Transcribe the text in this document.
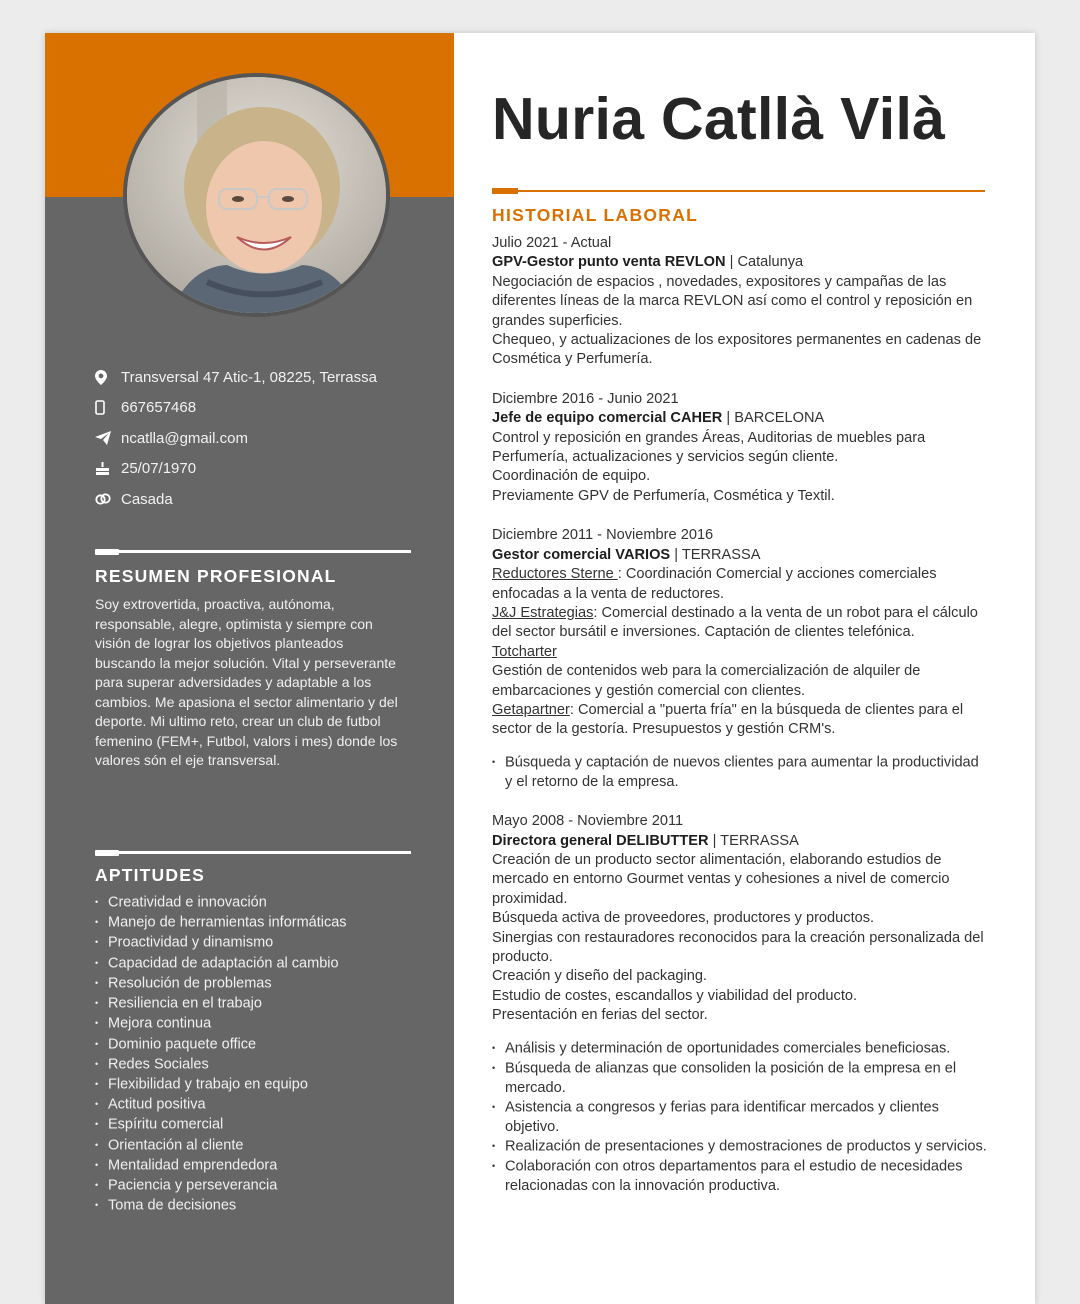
Transversal 47 Atic-1, 08225, Terrassa
667657468
ncatlla@gmail.com
25/07/1970
Casada
RESUMEN PROFESIONAL
Soy extrovertida, proactiva, autónoma, responsable, alegre, optimista y siempre con visión de lograr los objetivos planteados buscando la mejor solución. Vital y perseverante para superar adversidades y adaptable a los cambios. Me apasiona el sector alimentario y del deporte. Mi ultimo reto, crear un club de futbol femenino (FEM+, Futbol, valors i mes) donde los valores són el eje transversal.
APTITUDES
• Creatividad e innovación
• Manejo de herramientas informáticas
• Proactividad y dinamismo
• Capacidad de adaptación al cambio
• Resolución de problemas
• Resiliencia en el trabajo
• Mejora continua
• Dominio paquete office
• Redes Sociales
• Flexibilidad y trabajo en equipo
• Actitud positiva
• Espíritu comercial
• Orientación al cliente
• Mentalidad emprendedora
• Paciencia y perseverancia
• Toma de decisiones
Nuria Catllà Vilà
HISTORIAL LABORAL
Julio 2021 - Actual
GPV-Gestor punto venta REVLON | Catalunya
Negociación de espacios , novedades, expositores y campañas de las diferentes líneas de la marca REVLON así como el control y reposición en grandes superficies.
Chequeo, y actualizaciones de los expositores permanentes en cadenas de Cosmética y Perfumería.
Diciembre 2016 - Junio 2021
Jefe de equipo comercial CAHER | BARCELONA
Control y reposición en grandes Áreas, Auditorias de muebles para Perfumería, actualizaciones y servicios según cliente.
Coordinación de equipo.
Previamente GPV de Perfumería, Cosmética y Textil.
Diciembre 2011 - Noviembre 2016
Gestor comercial VARIOS | TERRASSA
Reductores Sterne : Coordinación Comercial y acciones comerciales enfocadas a la venta de reductores.
J&J Estrategias: Comercial destinado a la venta de un robot para el cálculo del sector bursátil e inversiones. Captación de clientes telefónica.
Totcharter
Gestión de contenidos web para la comercialización de alquiler de embarcaciones y gestión comercial con clientes.
Getapartner: Comercial a "puerta fría" en la búsqueda de clientes para el sector de la gestoría. Presupuestos y gestión CRM's.
• Búsqueda y captación de nuevos clientes para aumentar la productividad y el retorno de la empresa.
Mayo 2008 - Noviembre 2011
Directora general DELIBUTTER | TERRASSA
Creación de un producto sector alimentación, elaborando estudios de mercado en entorno Gourmet ventas y cohesiones a nivel de comercio proximidad.
Búsqueda activa de proveedores, productores y productos.
Sinergias con restauradores reconocidos para la creación personalizada del producto.
Creación y diseño del packaging.
Estudio de costes, escandallos y viabilidad del producto.
Presentación en ferias del sector.
• Análisis y determinación de oportunidades comerciales beneficiosas.
• Búsqueda de alianzas que consoliden la posición de la empresa en el mercado.
• Asistencia a congresos y ferias para identificar mercados y clientes objetivo.
• Realización de presentaciones y demostraciones de productos y servicios.
• Colaboración con otros departamentos para el estudio de necesidades relacionadas con la innovación productiva.
